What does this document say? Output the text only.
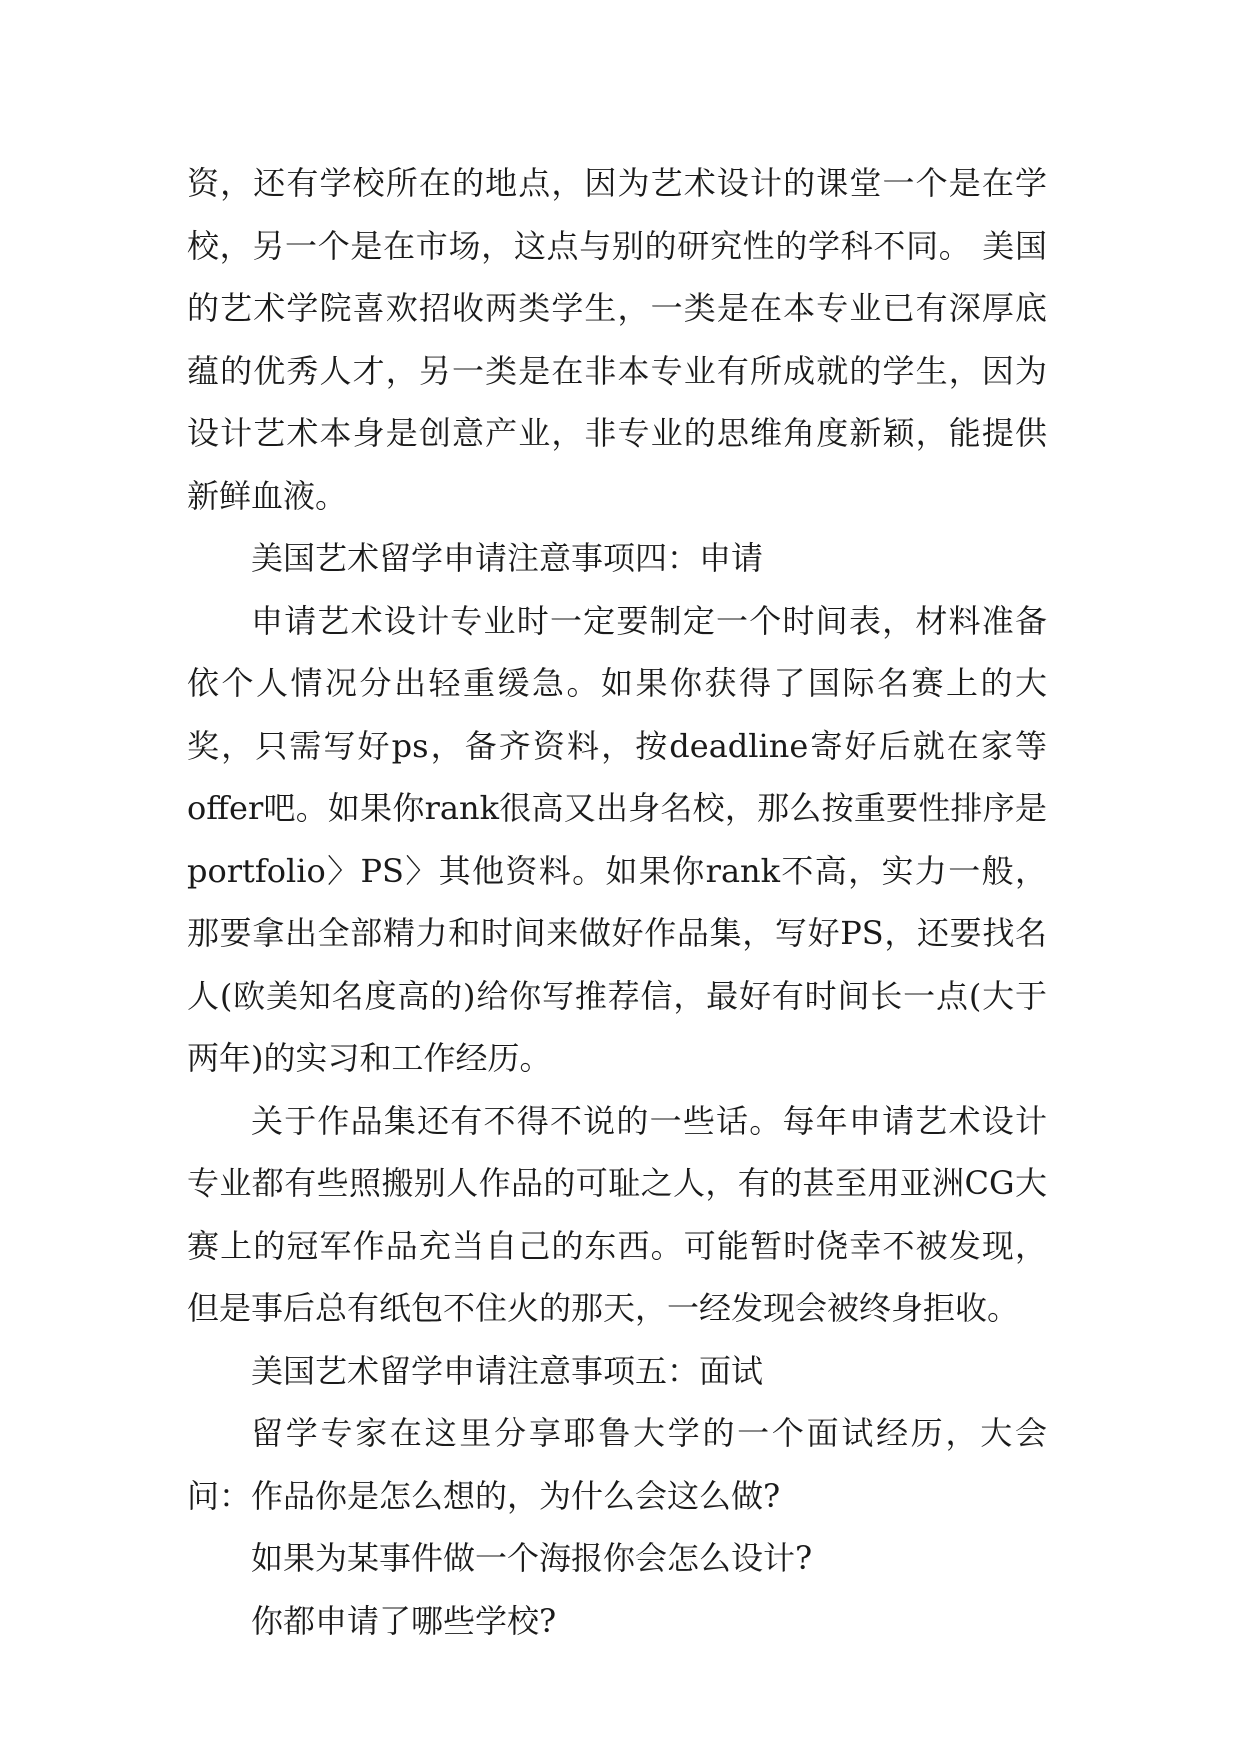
资，还有学校所在的地点，因为艺术设计的课堂一个是在学校，另一个是在市场，这点与别的研究性的学科不同。 美国的艺术学院喜欢招收两类学生，一类是在本专业已有深厚底蕴的优秀人才，另一类是在非本专业有所成就的学生，因为设计艺术本身是创意产业，非专业的思维角度新颖，能提供新鲜血液。

美国艺术留学申请注意事项四：申请

申请艺术设计专业时一定要制定一个时间表，材料准备依个人情况分出轻重缓急。如果你获得了国际名赛上的大奖，只需写好ps，备齐资料，按deadline寄好后就在家等offer吧。如果你rank很高又出身名校，那么按重要性排序是portfolio〉PS〉其他资料。如果你rank不高，实力一般，那要拿出全部精力和时间来做好作品集，写好PS，还要找名人(欧美知名度高的)给你写推荐信，最好有时间长一点(大于两年)的实习和工作经历。

关于作品集还有不得不说的一些话。每年申请艺术设计专业都有些照搬别人作品的可耻之人，有的甚至用亚洲CG大赛上的冠军作品充当自己的东西。可能暂时侥幸不被发现，但是事后总有纸包不住火的那天，一经发现会被终身拒收。

美国艺术留学申请注意事项五：面试

留学专家在这里分享耶鲁大学的一个面试经历，大会问：作品你是怎么想的，为什么会这么做?

如果为某事件做一个海报你会怎么设计?

你都申请了哪些学校?
